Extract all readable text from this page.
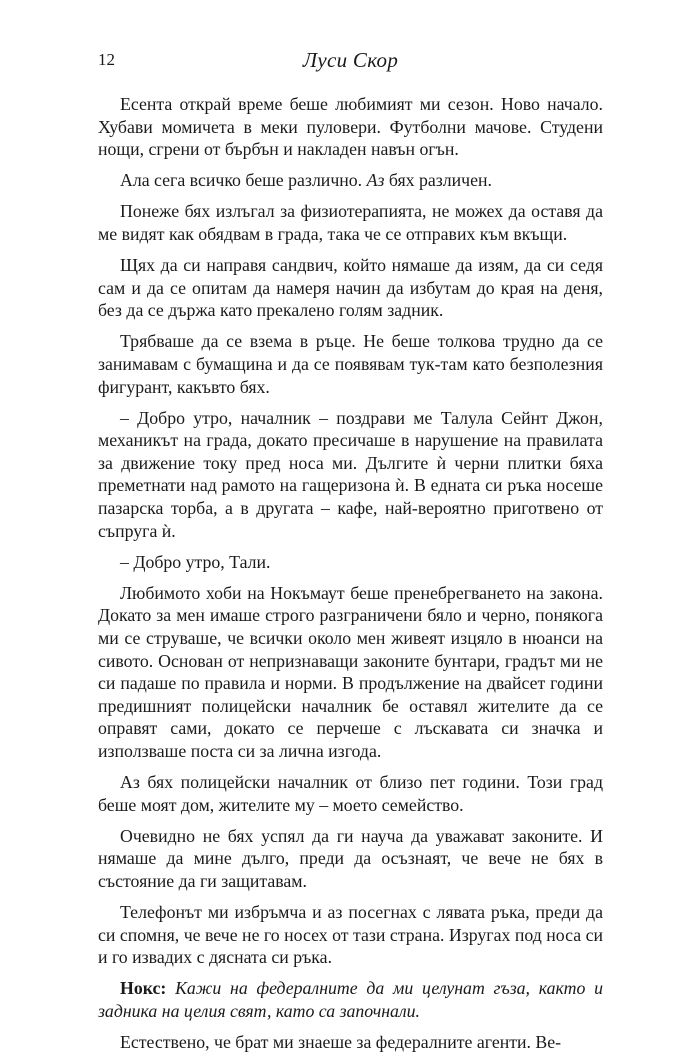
12	Луси Скор

Есента открай време беше любимият ми сезон. Ново начало. Хубави момичета в меки пуловери. Футболни мачове. Студени нощи, сгрени от бърбън и накладен навън огън.

Ала сега всичко беше различно. Аз бях различен.

Понеже бях излъгал за физиотерапията, не можех да оставя да ме видят как обядвам в града, така че се отправих към вкъщи.

Щях да си направя сандвич, който нямаше да изям, да си седя сам и да се опитам да намеря начин да избутам до края на деня, без да се държа като прекалено голям задник.

Трябваше да се взема в ръце. Не беше толкова трудно да се занимавам с бумащина и да се появявам тук-там като безполезния фигурант, какъвто бях.

– Добро утро, началник – поздрави ме Талула Сейнт Джон, механикът на града, докато пресичаше в нарушение на правилата за движение току пред носа ми. Дългите ѝ черни плитки бяха преметнати над рамото на гащеризона ѝ. В едната си ръка носеше пазарска торба, а в другата – кафе, най-вероятно приготвено от съпруга ѝ.

– Добро утро, Тали.

Любимото хоби на Нокъмаут беше пренебрегването на закона. Докато за мен имаше строго разграничени бяло и черно, понякога ми се струваше, че всички около мен живеят изцяло в нюанси на сивото. Основан от непризнаващи законите бунтари, градът ми не си падаше по правила и норми. В продължение на двайсет години предишният полицейски началник бе оставял жителите да се оправят сами, докато се перчеше с лъскавата си значка и използваше поста си за лична изгода.

Аз бях полицейски началник от близо пет години. Този град беше моят дом, жителите му – моето семейство.

Очевидно не бях успял да ги науча да уважават законите. И нямаше да мине дълго, преди да осъзнаят, че вече не бях в състояние да ги защитавам.

Телефонът ми избръмча и аз посегнах с лявата ръка, преди да си спомня, че вече не го носех от тази страна. Изругах под носа си и го извадих с дясната си ръка.

Нокс: Кажи на федералните да ми целунат гъза, както и задника на целия свят, като са започнали.

Естествено, че брат ми знаеше за федералните агенти. Ве-
